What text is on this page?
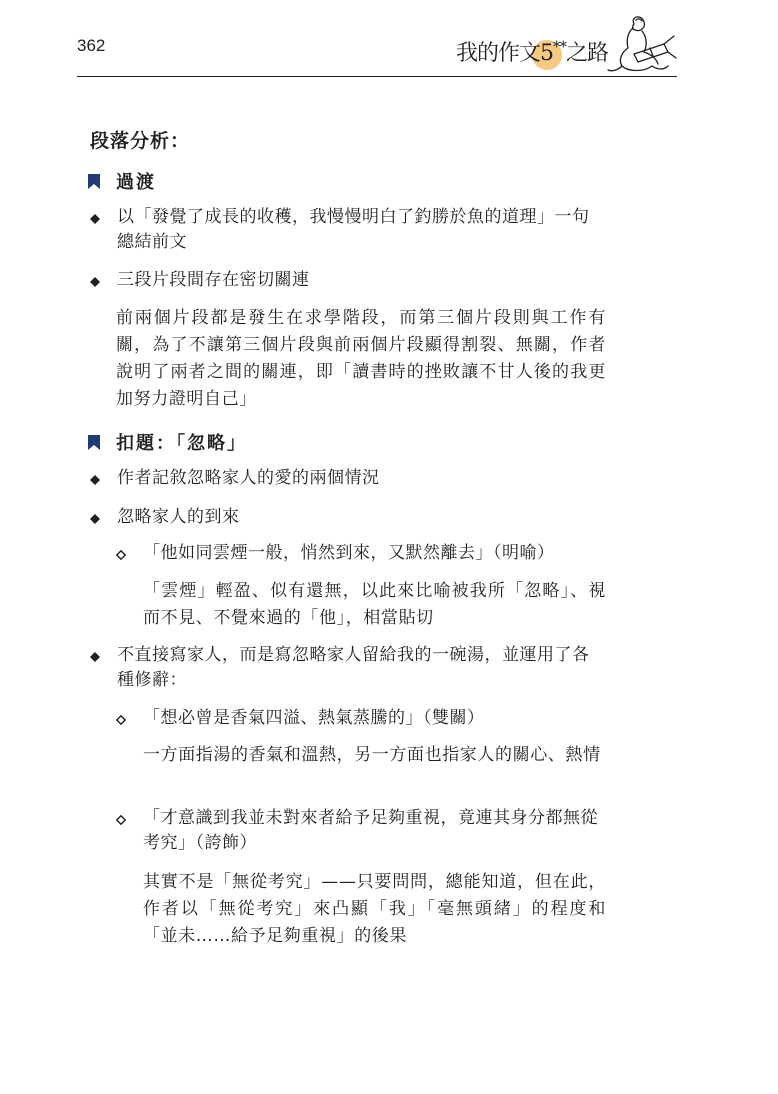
362	我的作文5**之路
段落分析：
過渡
以「發覺了成長的收穫，我慢慢明白了釣勝於魚的道理」一句總結前文
三段片段間存在密切關連
前兩個片段都是發生在求學階段，而第三個片段則與工作有關，為了不讓第三個片段與前兩個片段顯得割裂、無關，作者說明了兩者之間的關連，即「讀書時的挫敗讓不甘人後的我更加努力證明自己」
扣題：「忽略」
作者記敘忽略家人的愛的兩個情況
忽略家人的到來
「他如同雲煙一般，悄然到來，又默然離去」（明喻）
「雲煙」輕盈、似有還無，以此來比喻被我所「忽略」、視而不見、不覺來過的「他」，相當貼切
不直接寫家人，而是寫忽略家人留給我的一碗湯，並運用了各種修辭：
「想必曾是香氣四溢、熱氣蒸騰的」（雙關）
一方面指湯的香氣和溫熱，另一方面也指家人的關心、熱情
「才意識到我並未對來者給予足夠重視，竟連其身分都無從考究」（誇飾）
其實不是「無從考究」——只要問問，總能知道，但在此，作者以「無從考究」來凸顯「我」「毫無頭緒」的程度和「並未……給予足夠重視」的後果
